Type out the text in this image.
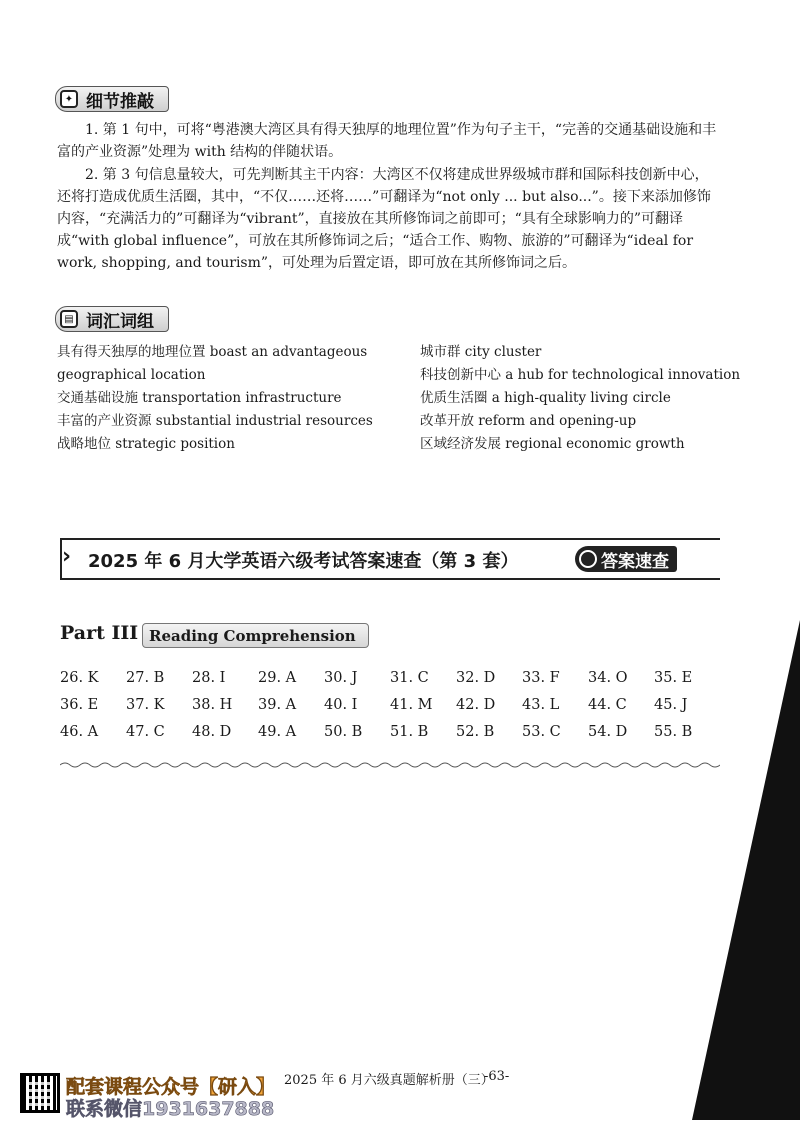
✦ 细节推敲

1. 第 1 句中，可将“粤港澳大湾区具有得天独厚的地理位置”作为句子主干，“完善的交通基础设施和丰富的产业资源”处理为 with 结构的伴随状语。

2. 第 3 句信息量较大，可先判断其主干内容：大湾区不仅将建成世界级城市群和国际科技创新中心，还将打造成优质生活圈，其中，“不仅……还将……”可翻译为“not only ... but also...”。接下来添加修饰内容，“充满活力的”可翻译为“vibrant”，直接放在其所修饰词之前即可；“具有全球影响力的”可翻译成“with global influence”，可放在其所修饰词之后；“适合工作、购物、旅游的”可翻译为“ideal for work, shopping, and tourism”，可处理为后置定语，即可放在其所修饰词之后。

▤ 词汇词组
具有得天独厚的地理位置 boast an advantageous
geographical location
交通基础设施 transportation infrastructure
丰富的产业资源 substantial industrial resources
战略地位 strategic position
城市群 city cluster
科技创新中心 a hub for technological innovation
优质生活圈 a high-quality living circle
改革开放 reform and opening-up
区域经济发展 regional economic growth
› 2025 年 6 月大学英语六级考试答案速查（第 3 套）	答案速查
Part III Reading Comprehension
26. K	27. B	28. I	29. A	30. J	31. C	32. D	33. F	34. O	35. E
36. E	37. K	38. H	39. A	40. I	41. M	42. D	43. L	44. C	45. J
46. A	47. C	48. D	49. A	50. B	51. B	52. B	53. C	54. D	55. B
2025 年 6 月六级真题解析册（三）
-63-
配套课程公众号【研入】
联系微信1931637888
